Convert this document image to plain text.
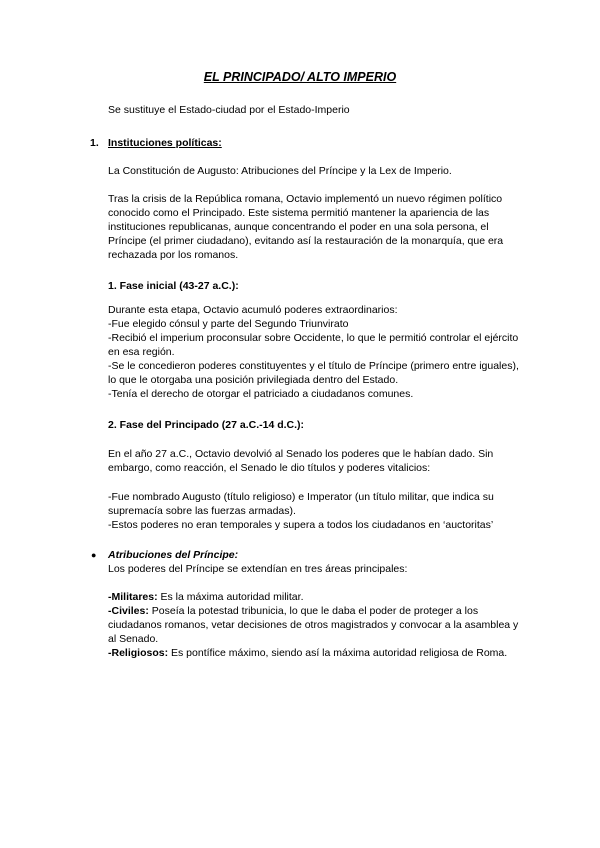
EL PRINCIPADO/ ALTO IMPERIO

Se sustituye el Estado-ciudad por el Estado-Imperio

1. Instituciones políticas:

La Constitución de Augusto: Atribuciones del Príncipe y la Lex de Imperio.

Tras la crisis de la República romana, Octavio implementó un nuevo régimen político conocido como el Principado. Este sistema permitió mantener la apariencia de las instituciones republicanas, aunque concentrando el poder en una sola persona, el Príncipe (el primer ciudadano), evitando así la restauración de la monarquía, que era rechazada por los romanos.

1. Fase inicial (43-27 a.C.):

Durante esta etapa, Octavio acumuló poderes extraordinarios:

-Fue elegido cónsul y parte del Segundo Triunvirato

-Recibió el imperium proconsular sobre Occidente, lo que le permitió controlar el ejército en esa región.

-Se le concedieron poderes constituyentes y el título de Príncipe (primero entre iguales), lo que le otorgaba una posición privilegiada dentro del Estado.

-Tenía el derecho de otorgar el patriciado a ciudadanos comunes.

2. Fase del Principado (27 a.C.-14 d.C.):

En el año 27 a.C., Octavio devolvió al Senado los poderes que le habían dado. Sin embargo, como reacción, el Senado le dio títulos y poderes vitalicios:

-Fue nombrado Augusto (título religioso) e Imperator (un título militar, que indica su supremacía sobre las fuerzas armadas).

-Estos poderes no eran temporales y supera a todos los ciudadanos en ‘auctoritas’

● Atribuciones del Príncipe:

Los poderes del Príncipe se extendían en tres áreas principales:

-Militares: Es la máxima autoridad militar.

-Civiles: Poseía la potestad tribunicia, lo que le daba el poder de proteger a los ciudadanos romanos, vetar decisiones de otros magistrados y convocar a la asamblea y al Senado.

-Religiosos: Es pontífice máximo, siendo así la máxima autoridad religiosa de Roma.
